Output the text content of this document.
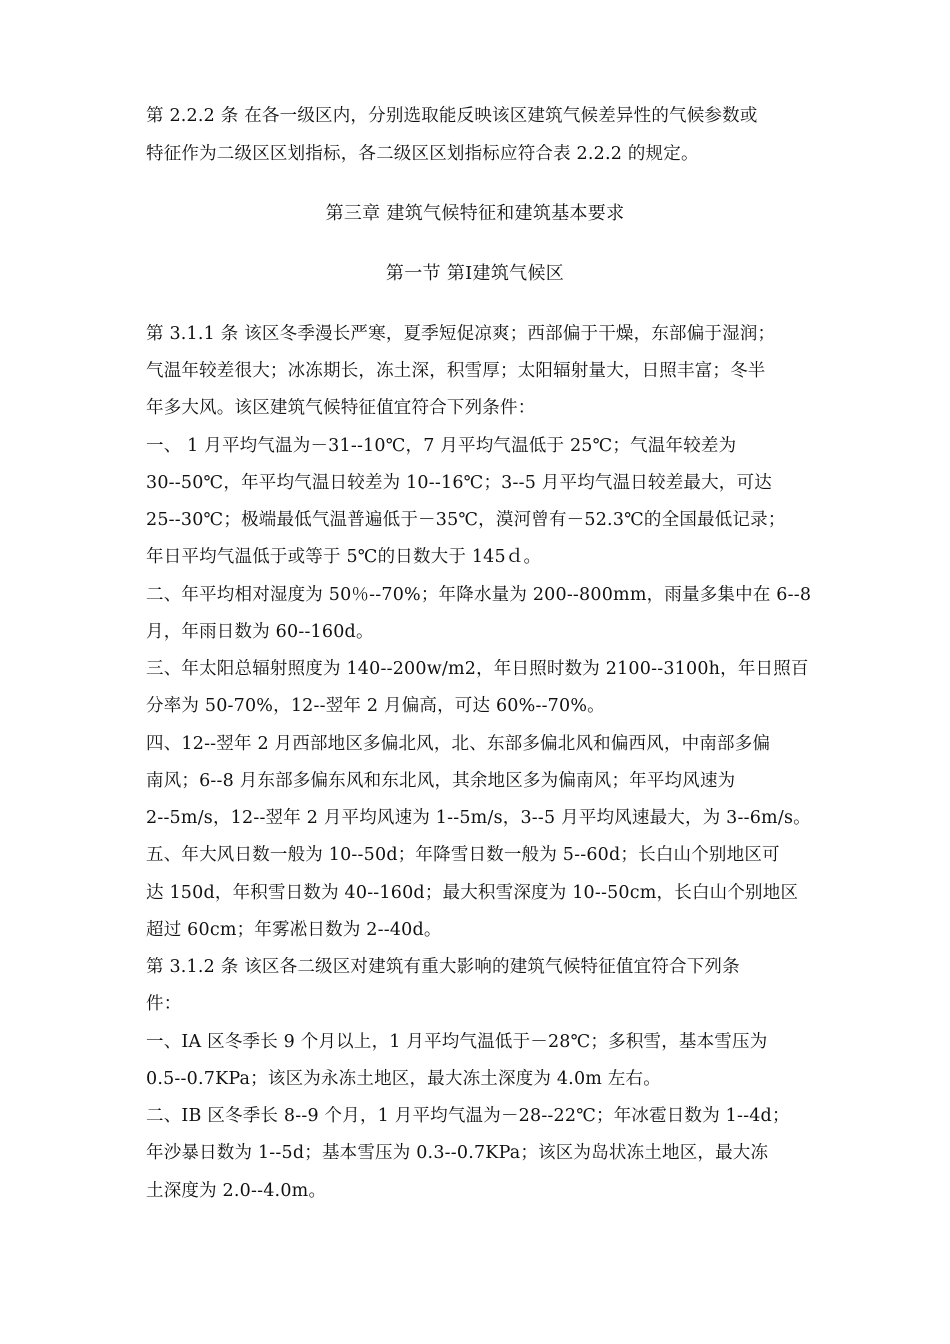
第 2.2.2 条 在各一级区内，分别选取能反映该区建筑气候差异性的气候参数或
特征作为二级区区划指标，各二级区区划指标应符合表 2.2.2 的规定。
第三章 建筑气候特征和建筑基本要求
第一节 第Ⅰ建筑气候区
第 3.1.1 条 该区冬季漫长严寒，夏季短促凉爽；西部偏于干燥，东部偏于湿润；
气温年较差很大；冰冻期长，冻土深，积雪厚；太阳辐射量大，日照丰富；冬半
年多大风。该区建筑气候特征值宜符合下列条件：
一、 1 月平均气温为－31--10℃，7 月平均气温低于 25℃；气温年较差为
30--50℃，年平均气温日较差为 10--16℃；3--5 月平均气温日较差最大，可达
25--30℃；极端最低气温普遍低于－35℃，漠河曾有－52.3℃的全国最低记录；
年日平均气温低于或等于 5℃的日数大于 145ｄ。
二、年平均相对湿度为 50％--70%；年降水量为 200--800mm，雨量多集中在 6--8
月，年雨日数为 60--160d。
三、年太阳总辐射照度为 140--200w/m2，年日照时数为 2100--3100h，年日照百
分率为 50-70%，12--翌年 2 月偏高，可达 60%--70%。
四、12--翌年 2 月西部地区多偏北风，北、东部多偏北风和偏西风，中南部多偏
南风；6--8 月东部多偏东风和东北风，其余地区多为偏南风；年平均风速为
2--5m/s，12--翌年 2 月平均风速为 1--5m/s，3--5 月平均风速最大，为 3--6m/s。
五、年大风日数一般为 10--50d；年降雪日数一般为 5--60d；长白山个别地区可
达 150d，年积雪日数为 40--160d；最大积雪深度为 10--50cm，长白山个别地区
超过 60cm；年雾凇日数为 2--40d。
第 3.1.2 条 该区各二级区对建筑有重大影响的建筑气候特征值宜符合下列条
件：
一、IA 区冬季长 9 个月以上，1 月平均气温低于－28℃；多积雪，基本雪压为
0.5--0.7KPa；该区为永冻土地区，最大冻土深度为 4.0m 左右。
二、IB 区冬季长 8--9 个月，1 月平均气温为－28--22℃；年冰雹日数为 1--4d；
年沙暴日数为 1--5d；基本雪压为 0.3--0.7KPa；该区为岛状冻土地区，最大冻
土深度为 2.0--4.0m。
